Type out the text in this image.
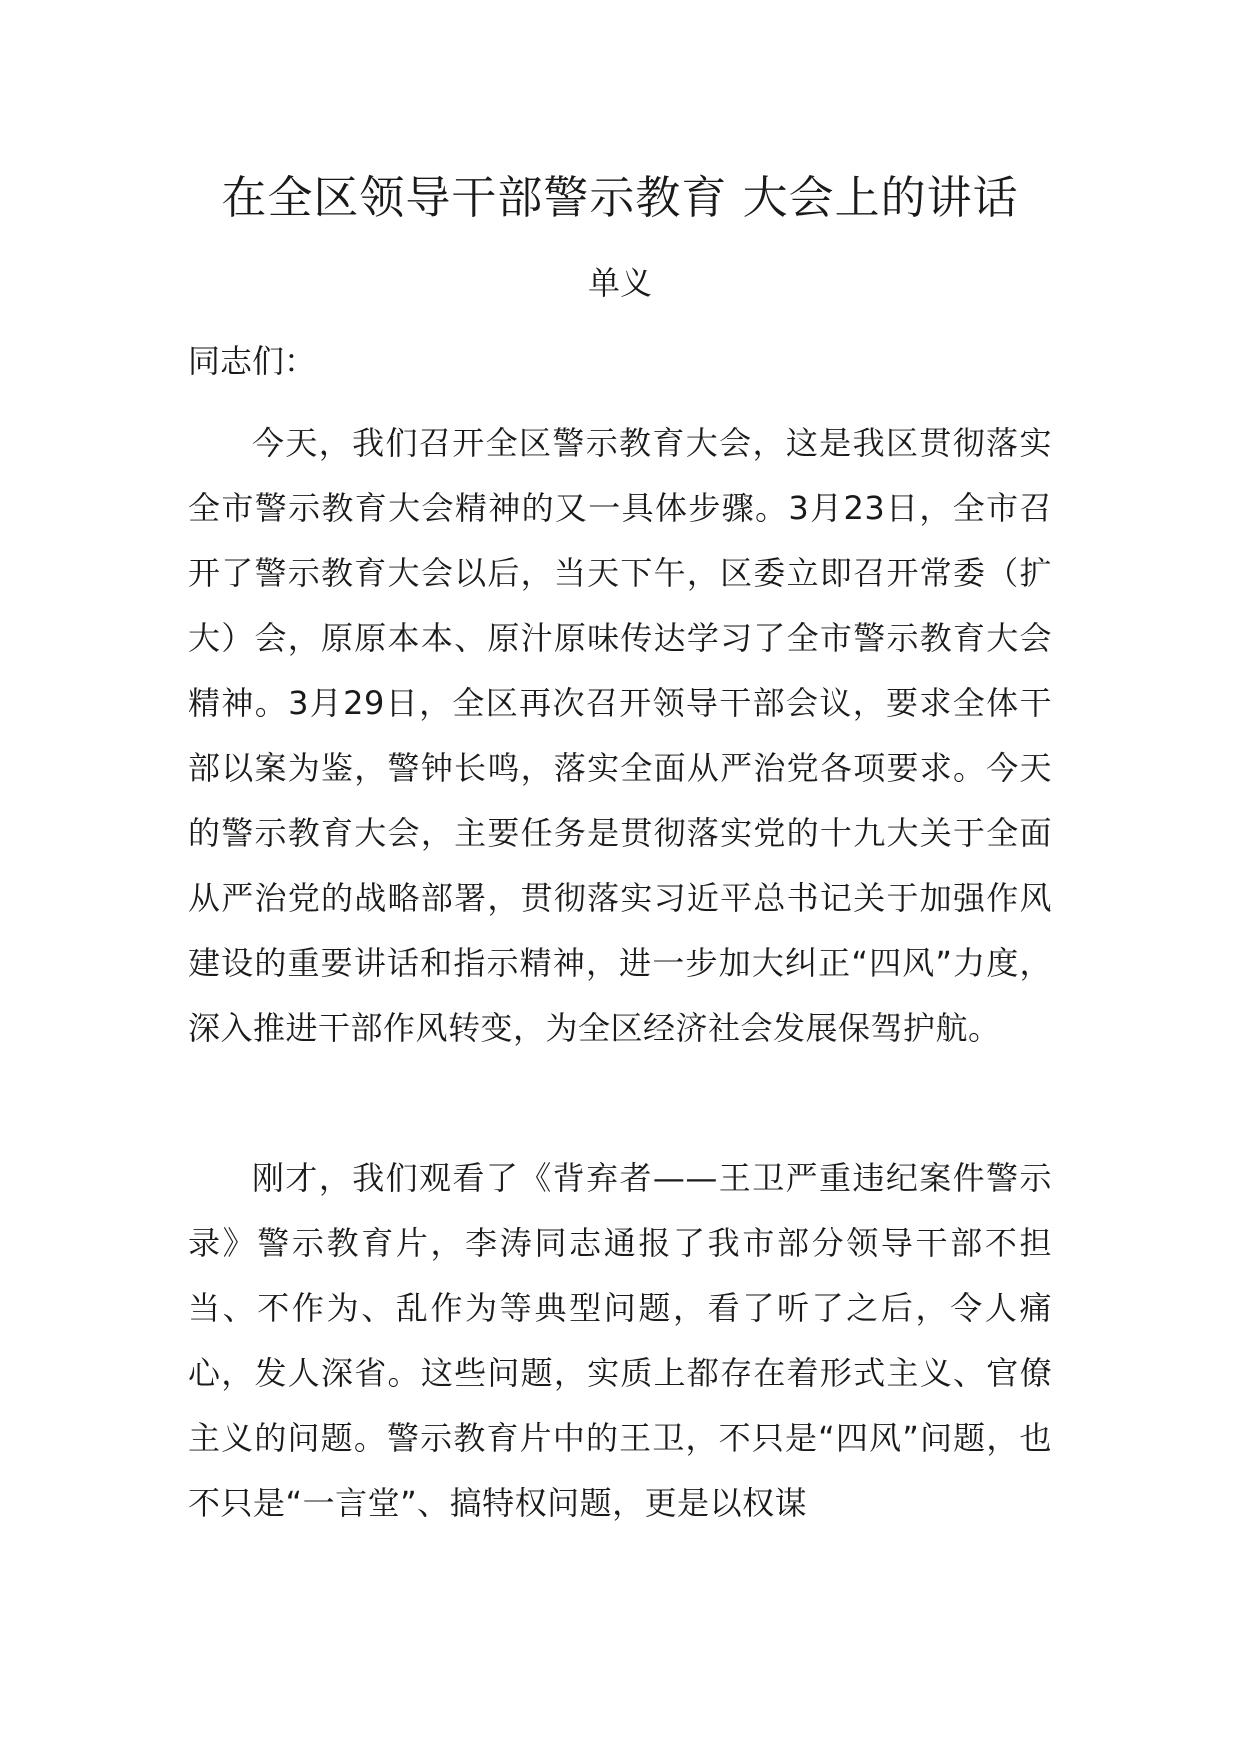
在全区领导干部警示教育 大会上的讲话

单义

同志们：

今天，我们召开全区警示教育大会，这是我区贯彻落实全市警示教育大会精神的又一具体步骤。3月23日，全市召开了警示教育大会以后，当天下午，区委立即召开常委（扩大）会，原原本本、原汁原味传达学习了全市警示教育大会精神。3月29日，全区再次召开领导干部会议，要求全体干部以案为鉴，警钟长鸣，落实全面从严治党各项要求。今天的警示教育大会，主要任务是贯彻落实党的十九大关于全面从严治党的战略部署，贯彻落实习近平总书记关于加强作风建设的重要讲话和指示精神，进一步加大纠正“四风”力度，深入推进干部作风转变，为全区经济社会发展保驾护航。

刚才，我们观看了《背弃者——王卫严重违纪案件警示录》警示教育片，李涛同志通报了我市部分领导干部不担当、不作为、乱作为等典型问题，看了听了之后，令人痛心，发人深省。这些问题，实质上都存在着形式主义、官僚主义的问题。警示教育片中的王卫，不只是“四风”问题，也不只是“一言堂”、搞特权问题，更是以权谋
